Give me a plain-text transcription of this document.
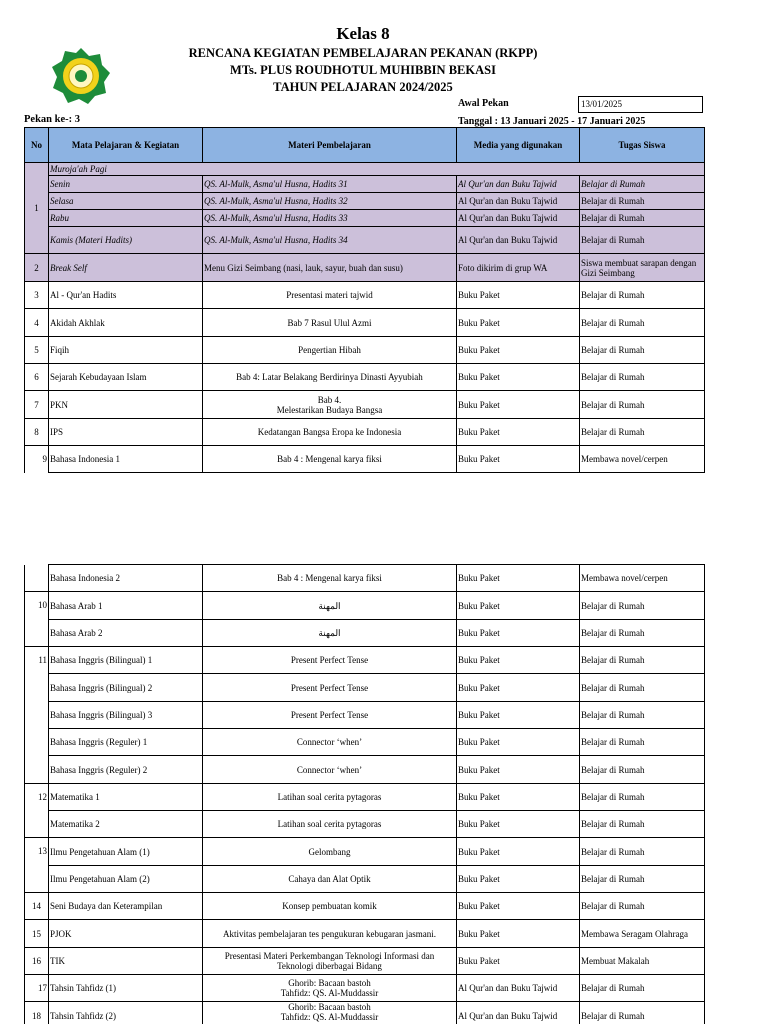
Kelas 8
RENCANA KEGIATAN PEMBELAJARAN PEKANAN (RKPP)
MTs. PLUS ROUDHOTUL MUHIBBIN BEKASI
TAHUN PELAJARAN 2024/2025
Awal Pekan	13/01/2025
Pekan ke-: 3	Tanggal : 13 Januari 2025 - 17 Januari 2025
No	Mata Pelajaran & Kegiatan	Materi Pembelajaran	Media yang digunakan	Tugas Siswa
1	Muroja'ah Pagi			
	Senin	QS. Al-Mulk, Asma'ul Husna, Hadits 31	Al Qur'an dan Buku Tajwid	Belajar di Rumah
	Selasa	QS. Al-Mulk, Asma'ul Husna, Hadits 32	Al Qur'an dan Buku Tajwid	Belajar di Rumah
	Rabu	QS. Al-Mulk, Asma'ul Husna, Hadits 33	Al Qur'an dan Buku Tajwid	Belajar di Rumah
	Kamis (Materi Hadits)	QS. Al-Mulk, Asma'ul Husna, Hadits 34	Al Qur'an dan Buku Tajwid	Belajar di Rumah
2	Break Self	Menu Gizi Seimbang (nasi, lauk, sayur, buah dan susu)	Foto dikirim di grup WA	Siswa membuat sarapan dengan Gizi Seimbang
3	Al - Qur'an Hadits	Presentasi materi tajwid	Buku Paket	Belajar di Rumah
4	Akidah Akhlak	Bab 7 Rasul Ulul Azmi	Buku Paket	Belajar di Rumah
5	Fiqih	Pengertian Hibah	Buku Paket	Belajar di Rumah
6	Sejarah Kebudayaan Islam	Bab 4: Latar Belakang Berdirinya Dinasti Ayyubiah	Buku Paket	Belajar di Rumah
7	PKN	Bab 4.
Melestarikan Budaya Bangsa	Buku Paket	Belajar di Rumah
8	IPS	Kedatangan Bangsa Eropa ke Indonesia	Buku Paket	Belajar di Rumah
9	Bahasa Indonesia 1	Bab 4 : Mengenal karya fiksi	Buku Paket	Membawa novel/cerpen
	Bahasa Indonesia 2	Bab 4 : Mengenal karya fiksi	Buku Paket	Membawa novel/cerpen
10	Bahasa Arab 1	المهنة	Buku Paket	Belajar di Rumah
	Bahasa Arab 2	المهنة	Buku Paket	Belajar di Rumah
11	Bahasa Inggris (Bilingual) 1	Present Perfect Tense	Buku Paket	Belajar di Rumah
	Bahasa Inggris (Bilingual) 2	Present Perfect Tense	Buku Paket	Belajar di Rumah
	Bahasa Inggris (Bilingual) 3	Present Perfect Tense	Buku Paket	Belajar di Rumah
	Bahasa Inggris (Reguler) 1	Connector ‘when’	Buku Paket	Belajar di Rumah
	Bahasa Inggris (Reguler) 2	Connector ‘when’	Buku Paket	Belajar di Rumah
12	Matematika 1	Latihan soal cerita pytagoras	Buku Paket	Belajar di Rumah
	Matematika 2	Latihan soal cerita pytagoras	Buku Paket	Belajar di Rumah
13	Ilmu Pengetahuan Alam (1)	Gelombang	Buku Paket	Belajar di Rumah
	Ilmu Pengetahuan Alam (2)	Cahaya dan Alat Optik	Buku Paket	Belajar di Rumah
14	Seni Budaya dan Keterampilan	Konsep pembuatan komik	Buku Paket	Belajar di Rumah
15	PJOK	Aktivitas pembelajaran tes pengukuran kebugaran jasmani.	Buku Paket	Membawa Seragam Olahraga
16	TIK	Presentasi Materi Perkembangan Teknologi Informasi dan
Teknologi diberbagai Bidang	Buku Paket	Membuat Makalah
17	Tahsin Tahfidz (1)	Ghorib: Bacaan bastoh
Tahfidz: QS. Al-Muddassir	Al Qur'an dan Buku Tajwid	Belajar di Rumah
18	Tahsin Tahfidz (2)	Ghorib: Bacaan bastoh
Tahfidz: QS. Al-Muddassir	Al Qur'an dan Buku Tajwid	Belajar di Rumah
